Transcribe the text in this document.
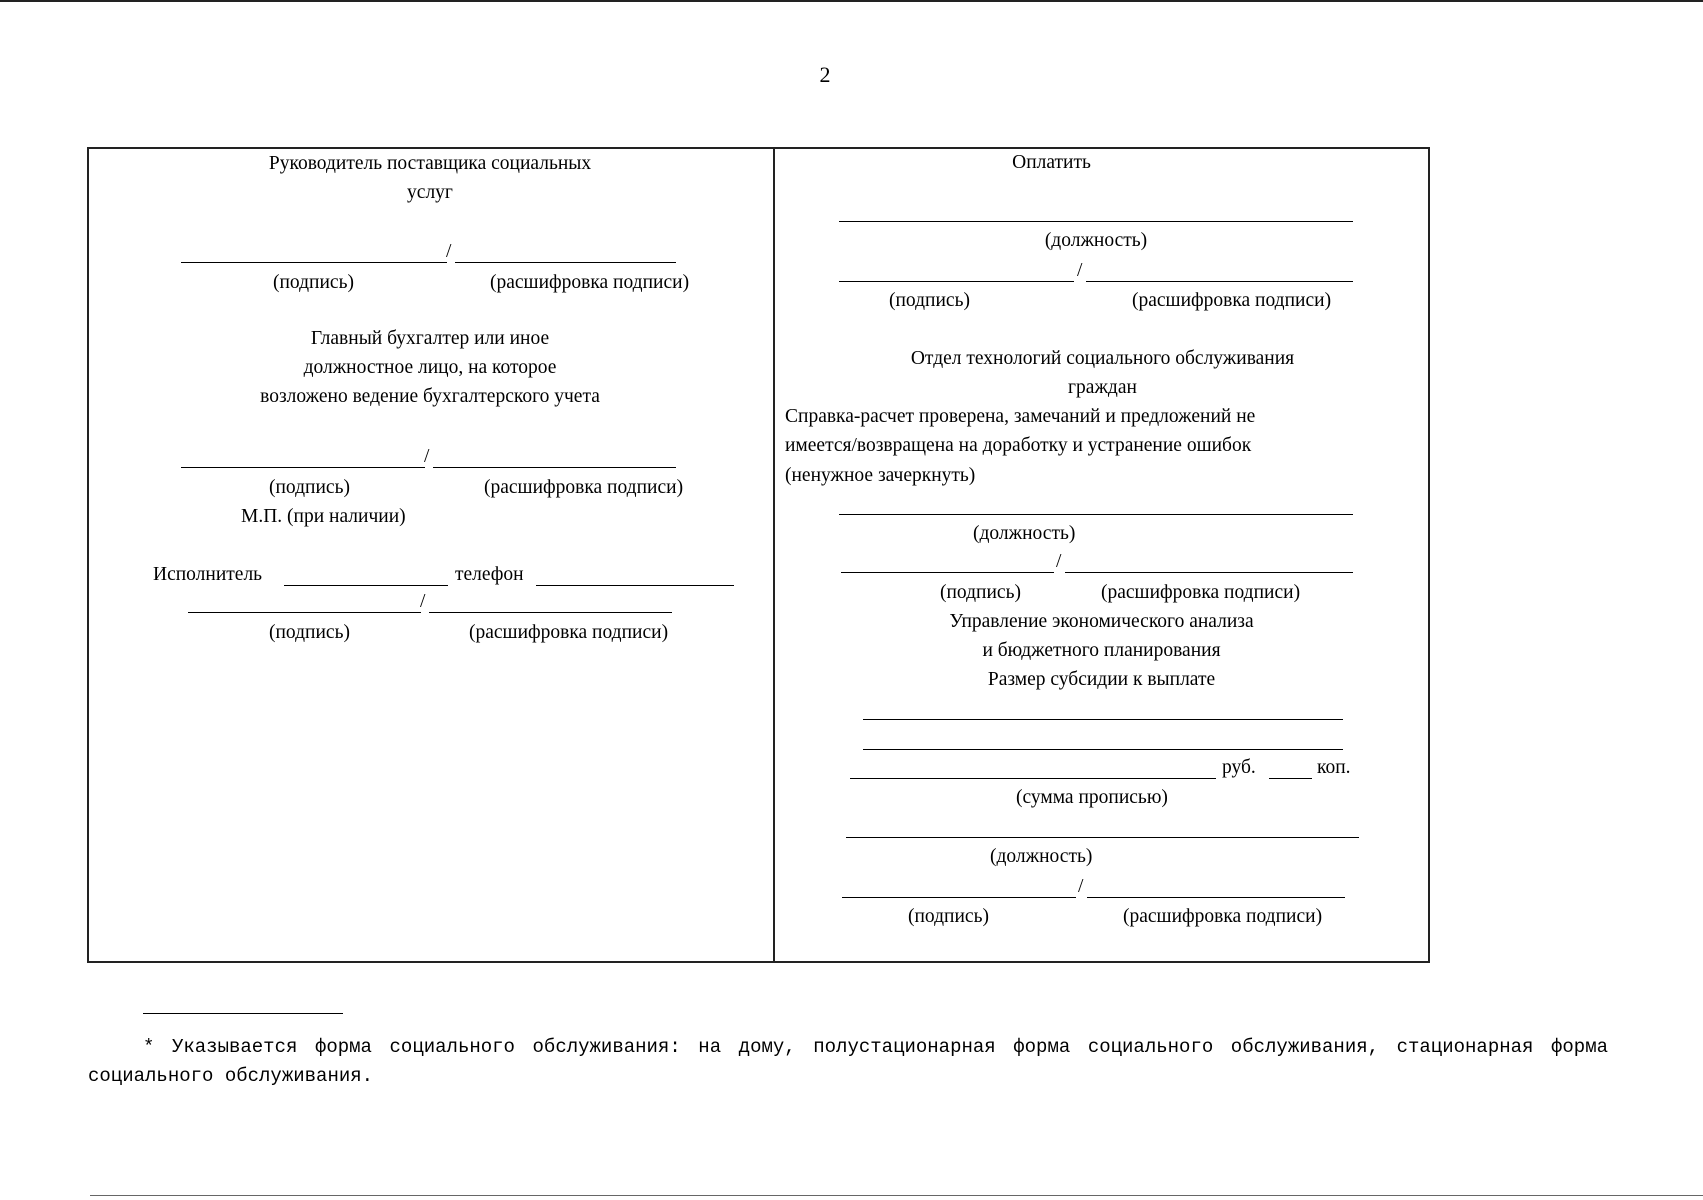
2
Руководитель поставщика социальных
услуг
/
(подпись)	(расшифровка подписи)
Главный бухгалтер или иное
должностное лицо, на которое
возложено ведение бухгалтерского учета
/
(подпись)	(расшифровка подписи)
М.П. (при наличии)
Исполнитель	телефон
/
(подпись)	(расшифровка подписи)
Оплатить
(должность)
/
(подпись)	(расшифровка подписи)
Отдел технологий социального обслуживания
граждан
Справка-расчет проверена, замечаний и предложений не
имеется/возвращена на доработку и устранение ошибок
(ненужное зачеркнуть)
(должность)
/
(подпись)	(расшифровка подписи)
Управление экономического анализа
и бюджетного планирования
Размер субсидии к выплате
руб.	коп.
(сумма прописью)
(должность)
/
(подпись)	(расшифровка подписи)
* Указывается форма социального обслуживания: на дому, полустационарная форма социального обслуживания, стационарная форма социального обслуживания.
